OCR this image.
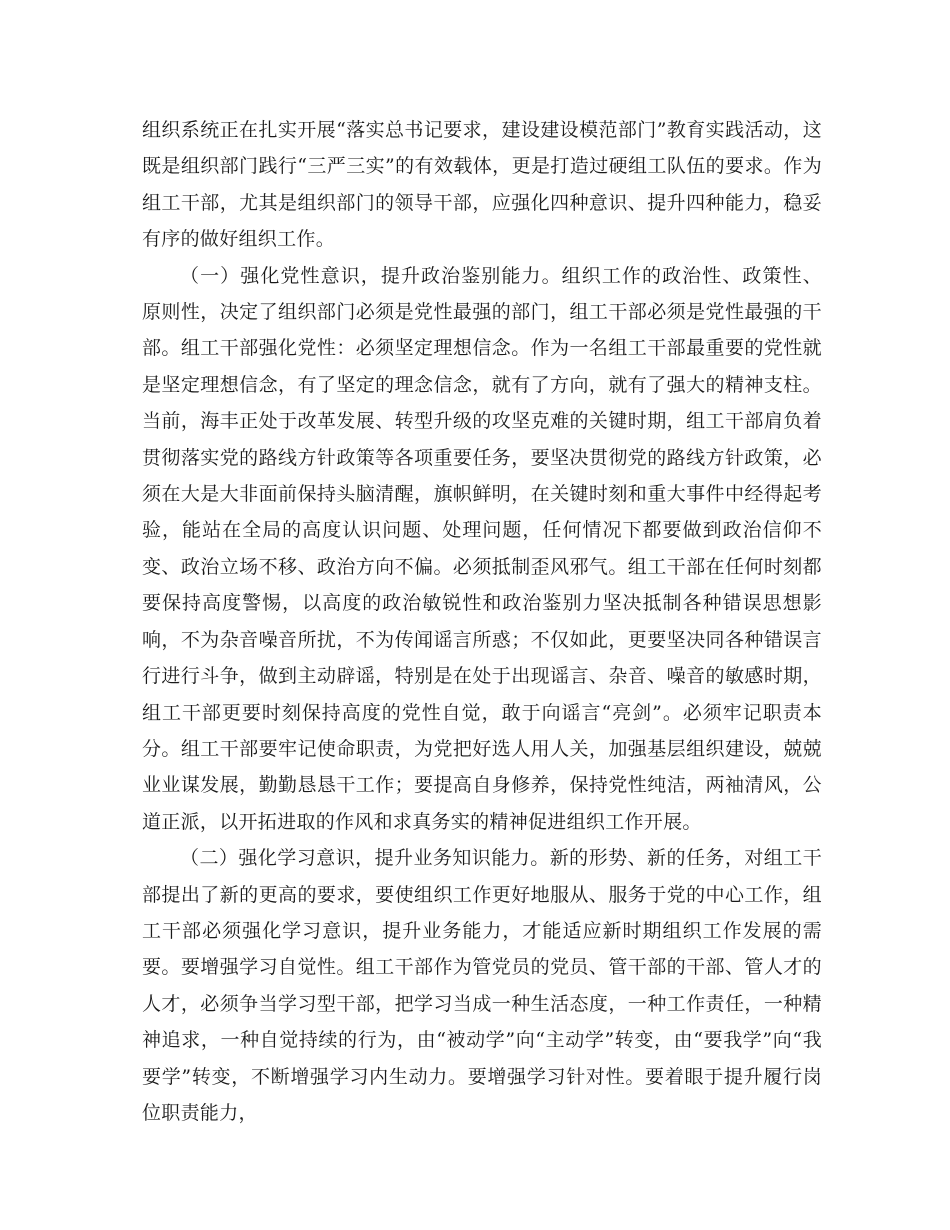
组织系统正在扎实开展“落实总书记要求，建设建设模范部门”教育实践活动，这既是组织部门践行“三严三实”的有效载体，更是打造过硬组工队伍的要求。作为组工干部，尤其是组织部门的领导干部，应强化四种意识、提升四种能力，稳妥有序的做好组织工作。

（一）强化党性意识，提升政治鉴别能力。组织工作的政治性、政策性、 原则性，决定了组织部门必须是党性最强的部门，组工干部必须是党性最强的干部。组工干部强化党性：必须坚定理想信念。作为一名组工干部最重要的党性就是坚定理想信念，有了坚定的理念信念，就有了方向，就有了强大的精神支柱。当前，海丰正处于改革发展、转型升级的攻坚克难的关键时期，组工干部肩负着贯彻落实党的路线方针政策等各项重要任务，要坚决贯彻党的路线方针政策，必须在大是大非面前保持头脑清醒，旗帜鲜明，在关键时刻和重大事件中经得起考验，能站在全局的高度认识问题、处理问题，任何情况下都要做到政治信仰不变、政治立场不移、政治方向不偏。必须抵制歪风邪气。组工干部在任何时刻都要保持高度警惕，以高度的政治敏锐性和政治鉴别力坚决抵制各种错误思想影响，不为杂音噪音所扰，不为传闻谣言所惑；不仅如此，更要坚决同各种错误言行进行斗争，做到主动辟谣，特别是在处于出现谣言、杂音、噪音的敏感时期，组工干部更要时刻保持高度的党性自觉，敢于向谣言“亮剑”。必须牢记职责本分。组工干部要牢记使命职责，为党把好选人用人关，加强基层组织建设，兢兢业业谋发展，勤勤恳恳干工作；要提高自身修养，保持党性纯洁，两袖清风，公道正派，以开拓进取的作风和求真务实的精神促进组织工作开展。

（二）强化学习意识，提升业务知识能力。新的形势、新的任务，对组工干部提出了新的更高的要求，要使组织工作更好地服从、服务于党的中心工作，组工干部必须强化学习意识，提升业务能力，才能适应新时期组织工作发展的需要。要增强学习自觉性。组工干部作为管党员的党员、管干部的干部、管人才的人才，必须争当学习型干部，把学习当成一种生活态度，一种工作责任，一种精神追求，一种自觉持续的行为，由“被动学”向“主动学”转变，由“要我学”向“我要学”转变，不断增强学习内生动力。要增强学习针对性。要着眼于提升履行岗位职责能力，
